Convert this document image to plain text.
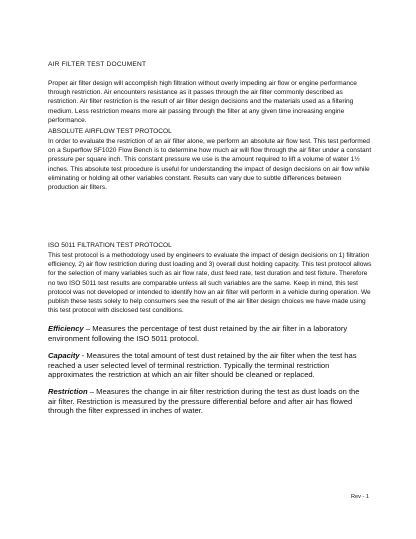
AIR FILTER TEST DOCUMENT

Proper air filter design will accomplish high filtration without overly impeding air flow or engine performance through restriction. Air encounters resistance as it passes through the air filter commonly described as restriction. Air filter restriction is the result of air filter design decisions and the materials used as a filtering medium. Less restriction means more air passing through the filter at any given time increasing engine performance.

ABSOLUTE AIRFLOW TEST PROTOCOL

In order to evaluate the restriction of an air filter alone, we perform an absolute air flow test. This test performed on a Superflow SF1020 Flow Bench is to determine how much air will flow through the air filter under a constant pressure per square inch. This constant pressure we use is the amount required to lift a volume of water 1½ inches. This absolute test procedure is useful for understanding the impact of design decisions on air flow while eliminating or holding all other variables constant. Results can vary due to subtle differences between production air filters.

ISO 5011 FILTRATION TEST PROTOCOL

This test protocol is a methodology used by engineers to evaluate the impact of design decisions on 1) filtration efficiency, 2) air flow restriction during dust loading and 3) overall dust holding capacity. This test protocol allows for the selection of many variables such as air flow rate, dust feed rate, test duration and test fixture. Therefore no two ISO 5011 test results are comparable unless all such variables are the same. Keep in mind, this test protocol was not developed or intended to identify how an air filter will perform in a vehicle during operation. We publish these tests solely to help consumers see the result of the air filter design choices we have made using this test protocol with disclosed test conditions.

Efficiency – Measures the percentage of test dust retained by the air filter in a laboratory environment following the ISO 5011 protocol.

Capacity - Measures the total amount of test dust retained by the air filter when the test has reached a user selected level of terminal restriction. Typically the terminal restriction approximates the restriction at which an air filter should be cleaned or replaced.

Restriction – Measures the change in air filter restriction during the test as dust loads on the air filter. Restriction is measured by the pressure differential before and after air has flowed through the filter expressed in inches of water.

Rev - 1
